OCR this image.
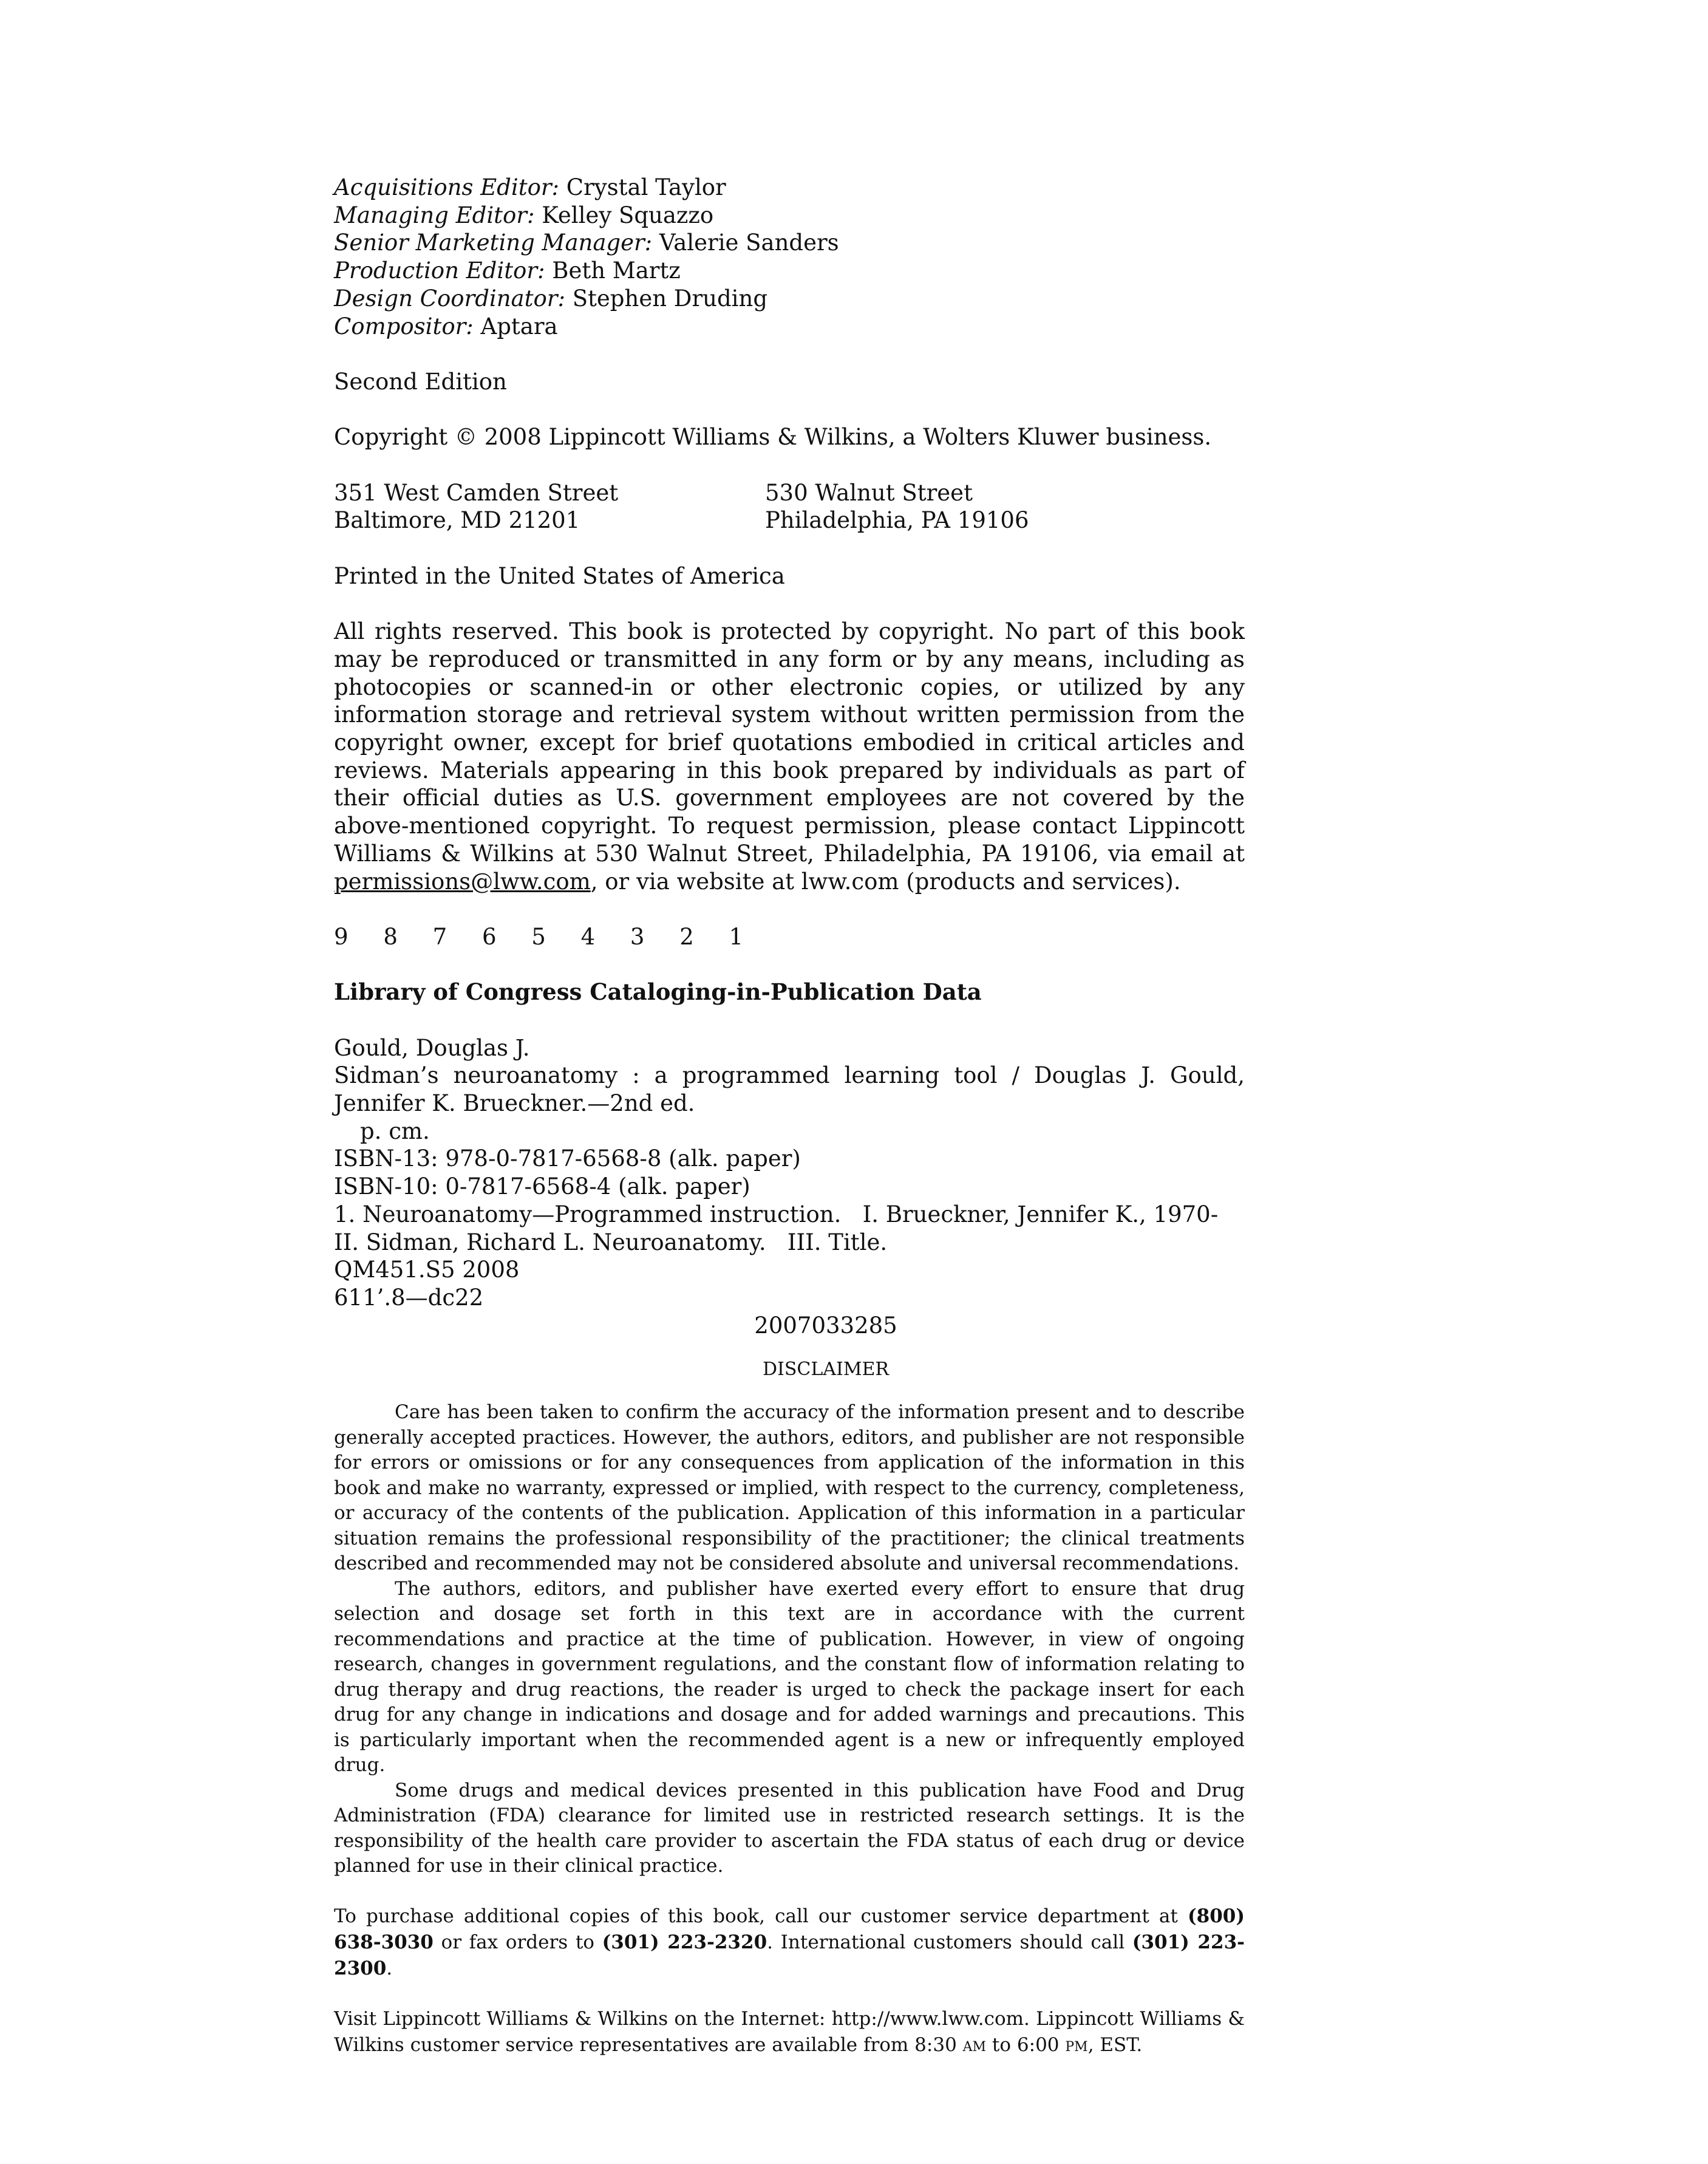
Acquisitions Editor: Crystal Taylor
Managing Editor: Kelley Squazzo
Senior Marketing Manager: Valerie Sanders
Production Editor: Beth Martz
Design Coordinator: Stephen Druding
Compositor: Aptara

Second Edition

Copyright © 2008 Lippincott Williams & Wilkins, a Wolters Kluwer business.

351 West Camden Street
Baltimore, MD 21201
530 Walnut Street
Philadelphia, PA 19106

Printed in the United States of America

All rights reserved. This book is protected by copyright. No part of this book may be reproduced or transmitted in any form or by any means, including as photocopies or scanned-in or other electronic copies, or utilized by any information storage and retrieval system without written permission from the copyright owner, except for brief quotations embodied in critical articles and reviews. Materials appearing in this book prepared by individuals as part of their official duties as U.S. government employees are not covered by the above-mentioned copyright. To request permission, please contact Lippincott Williams & Wilkins at 530 Walnut Street, Philadelphia, PA 19106, via email at permissions@lww.com, or via website at lww.com (products and services).

9 8 7 6 5 4 3 2 1

Library of Congress Cataloging-in-Publication Data

Gould, Douglas J.
Sidman’s neuroanatomy : a programmed learning tool / Douglas J. Gould, Jennifer K. Brueckner.—2nd ed.
p. cm.
ISBN-13: 978-0-7817-6568-8 (alk. paper)
ISBN-10: 0-7817-6568-4 (alk. paper)
1. Neuroanatomy—Programmed instruction.   I. Brueckner, Jennifer K., 1970-
II. Sidman, Richard L. Neuroanatomy.   III. Title.
QM451.S5 2008
611’.8—dc22

2007033285

DISCLAIMER

Care has been taken to confirm the accuracy of the information present and to describe generally accepted practices. However, the authors, editors, and publisher are not responsible for errors or omissions or for any consequences from application of the information in this book and make no warranty, expressed or implied, with respect to the currency, completeness, or accuracy of the contents of the publication. Application of this information in a particular situation remains the professional responsibility of the practitioner; the clinical treatments described and recommended may not be considered absolute and universal recommendations.

The authors, editors, and publisher have exerted every effort to ensure that drug selection and dosage set forth in this text are in accordance with the current recommendations and practice at the time of publication. However, in view of ongoing research, changes in government regulations, and the constant flow of information relating to drug therapy and drug reactions, the reader is urged to check the package insert for each drug for any change in indications and dosage and for added warnings and precautions. This is particularly important when the recommended agent is a new or infrequently employed drug.

Some drugs and medical devices presented in this publication have Food and Drug Administration (FDA) clearance for limited use in restricted research settings. It is the responsibility of the health care provider to ascertain the FDA status of each drug or device planned for use in their clinical practice.

To purchase additional copies of this book, call our customer service department at (800) 638-3030 or fax orders to (301) 223-2320. International customers should call (301) 223-2300.

Visit Lippincott Williams & Wilkins on the Internet: http://www.lww.com. Lippincott Williams & Wilkins customer service representatives are available from 8:30 AM to 6:00 PM, EST.
